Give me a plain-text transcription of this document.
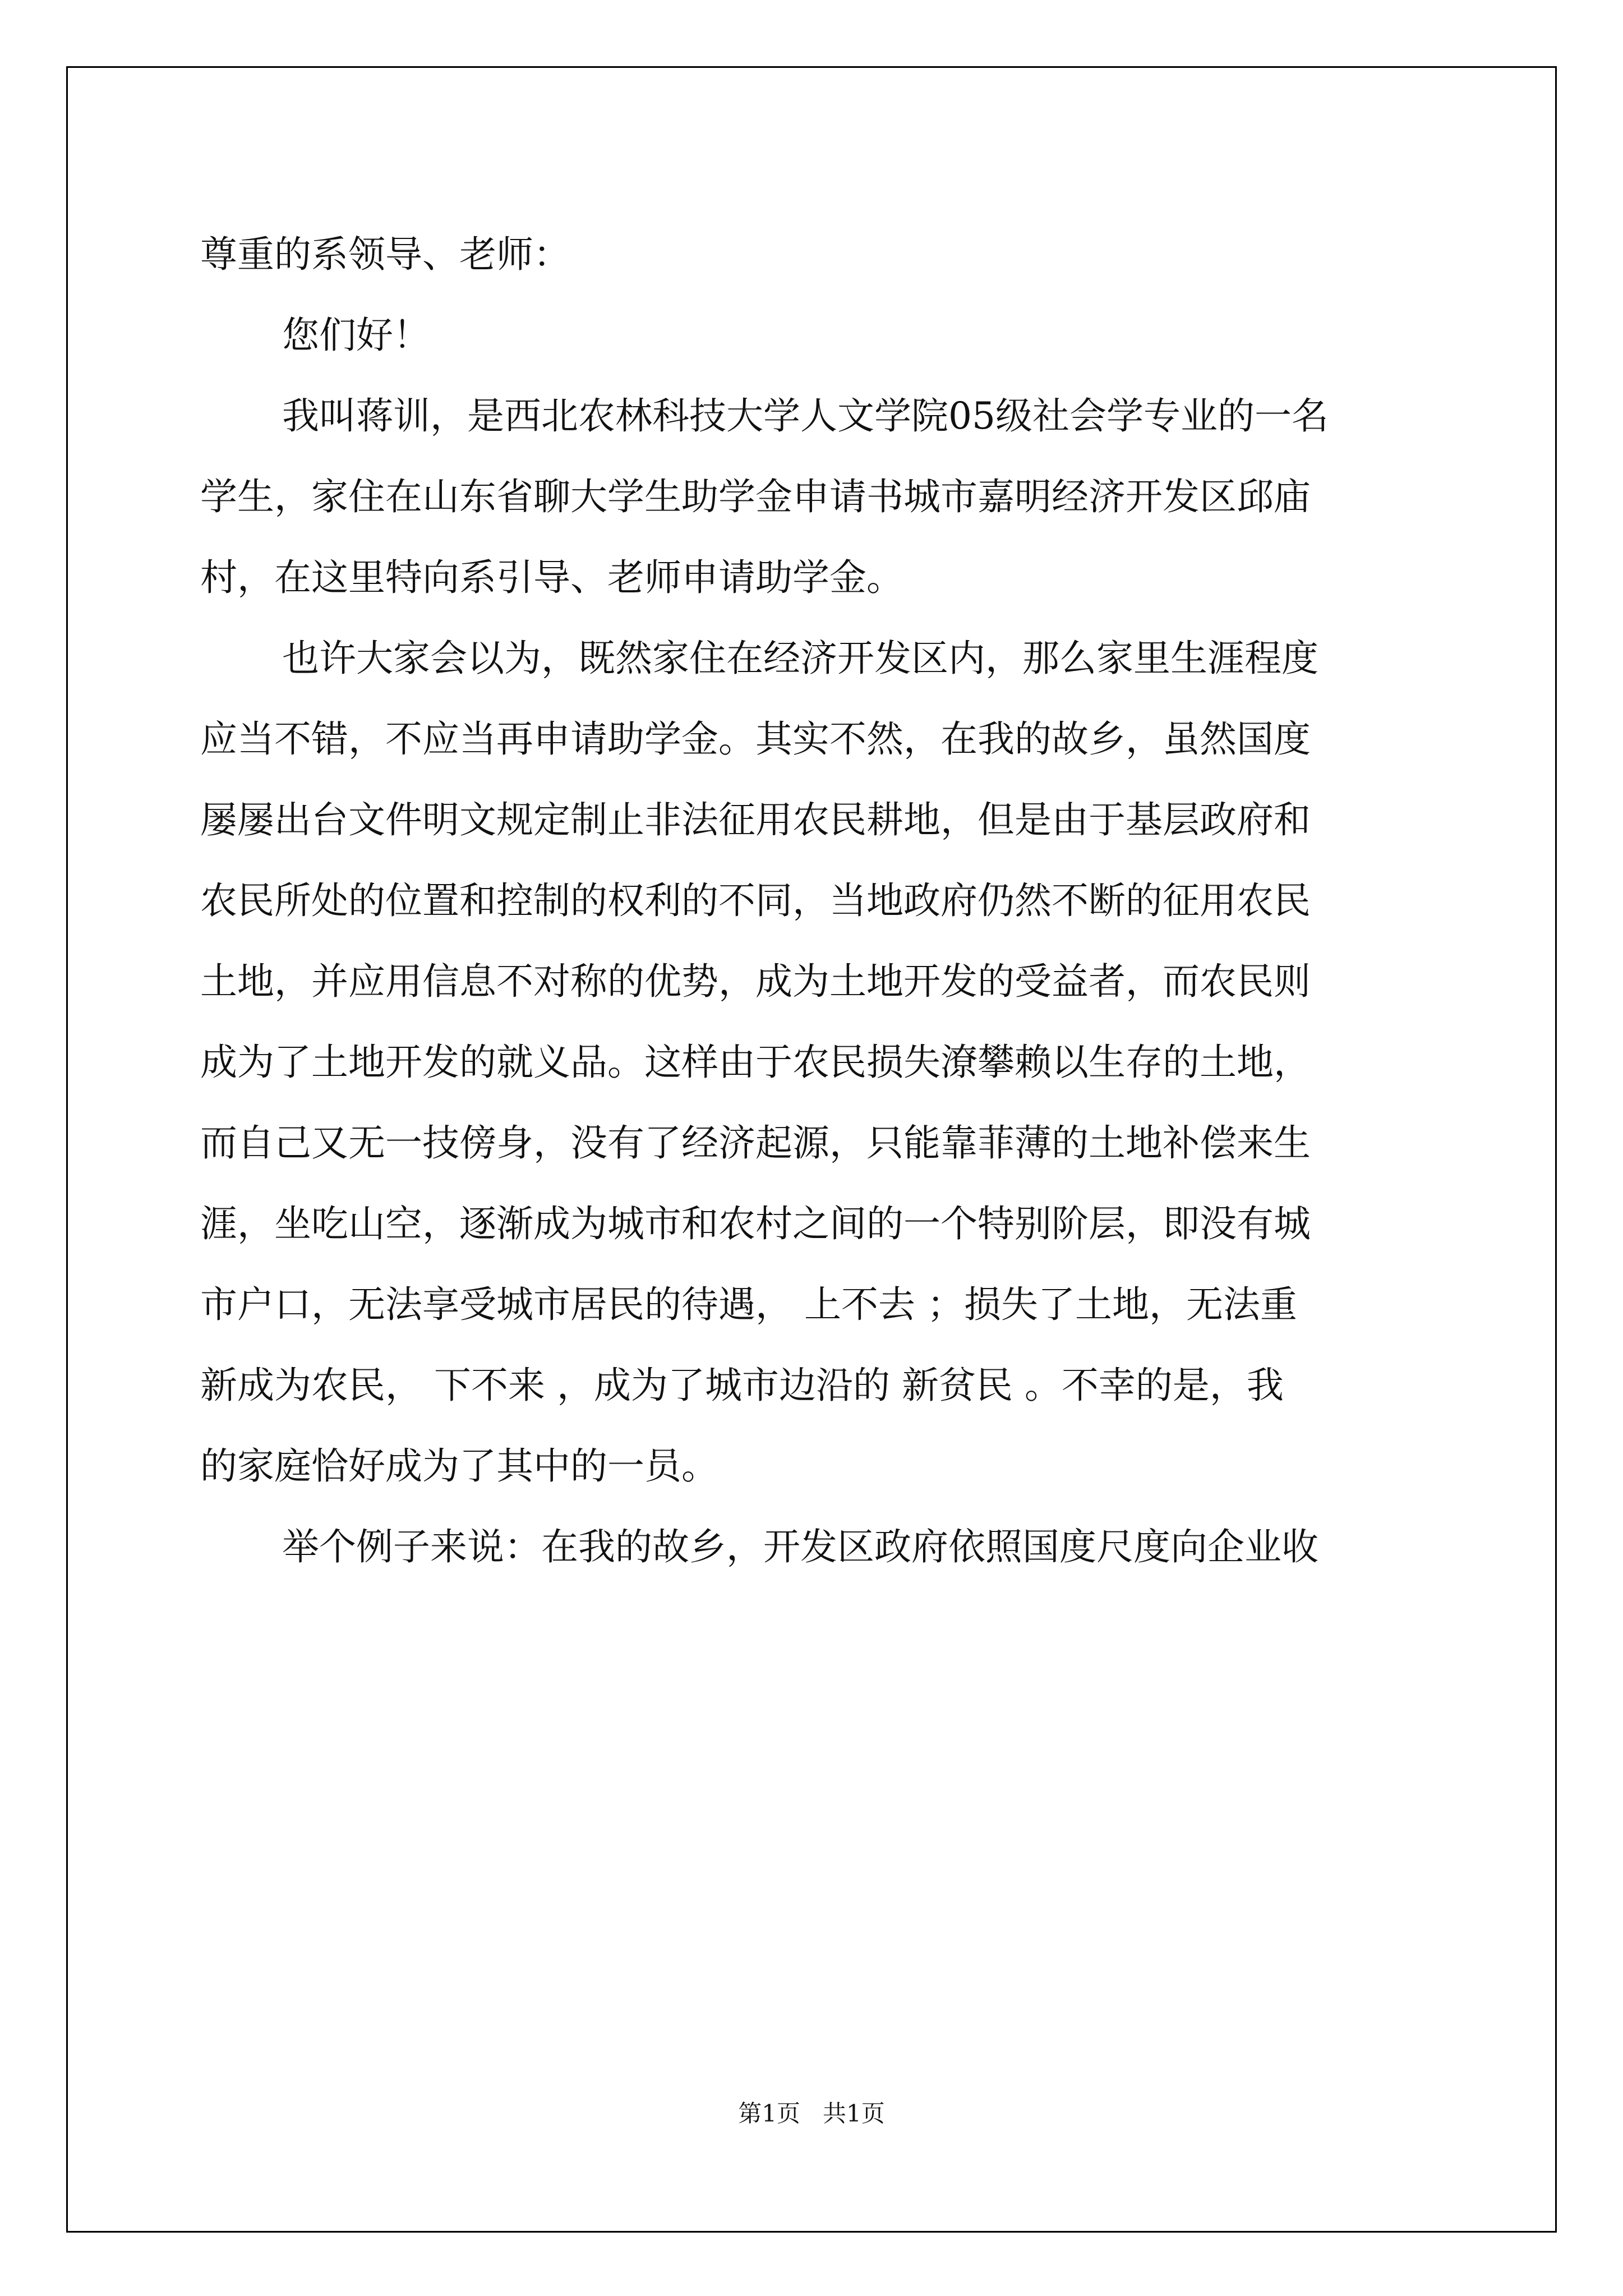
尊重的系领导、老师：
您们好！
我叫蒋训，是西北农林科技大学人文学院05级社会学专业的一名
学生，家住在山东省聊大学生助学金申请书城市嘉明经济开发区邱庙
村，在这里特向系引导、老师申请助学金。
也许大家会以为，既然家住在经济开发区内，那么家里生涯程度
应当不错，不应当再申请助学金。其实不然，在我的故乡，虽然国度
屡屡出台文件明文规定制止非法征用农民耕地，但是由于基层政府和
农民所处的位置和控制的权利的不同，当地政府仍然不断的征用农民
土地，并应用信息不对称的优势，成为土地开发的受益者，而农民则
成为了土地开发的就义品。这样由于农民损失潦攀赖以生存的土地，
而自己又无一技傍身，没有了经济起源，只能靠菲薄的土地补偿来生
涯，坐吃山空，逐渐成为城市和农村之间的一个特别阶层，即没有城
市户口，无法享受城市居民的待遇， 上不去 ；损失了土地，无法重
新成为农民， 下不来 ，成为了城市边沿的 新贫民 。不幸的是，我
的家庭恰好成为了其中的一员。
举个例子来说：在我的故乡，开发区政府依照国度尺度向企业收
第1页   共1页
